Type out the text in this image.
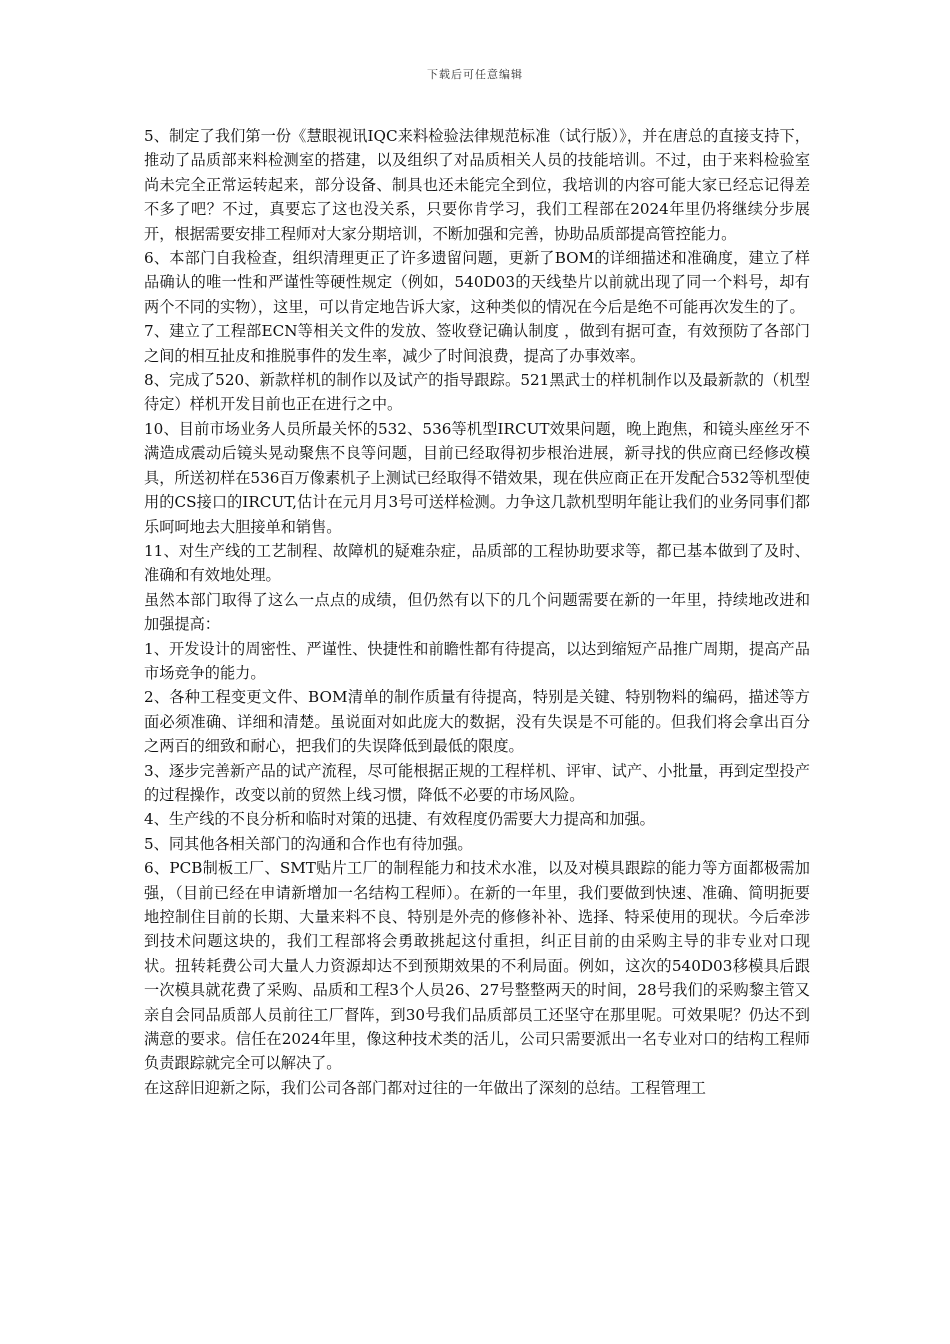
下载后可任意编辑

5、制定了我们第一份《慧眼视讯IQC来料检验法律规范标准（试行版）》，并在唐总的直接支持下，推动了品质部来料检测室的搭建，以及组织了对品质相关人员的技能培训。不过，由于来料检验室尚未完全正常运转起来，部分设备、制具也还未能完全到位，我培训的内容可能大家已经忘记得差不多了吧？不过，真要忘了这也没关系，只要你肯学习，我们工程部在2024年里仍将继续分步展开，根据需要安排工程师对大家分期培训，不断加强和完善，协助品质部提高管控能力。

6、本部门自我检查，组织清理更正了许多遗留问题，更新了BOM的详细描述和准确度，建立了样品确认的唯一性和严谨性等硬性规定（例如，540D03的天线垫片以前就出现了同一个料号，却有两个不同的实物），这里，可以肯定地告诉大家，这种类似的情况在今后是绝不可能再次发生的了。

7、建立了工程部ECN等相关文件的发放、签收登记确认制度 ，做到有据可查，有效预防了各部门之间的相互扯皮和推脱事件的发生率，减少了时间浪费，提高了办事效率。

8、完成了520、新款样机的制作以及试产的指导跟踪。521黑武士的样机制作以及最新款的（机型待定）样机开发目前也正在进行之中。

10、目前市场业务人员所最关怀的532、536等机型IRCUT效果问题，晚上跑焦，和镜头座丝牙不满造成震动后镜头晃动聚焦不良等问题，目前已经取得初步根治进展，新寻找的供应商已经修改模具，所送初样在536百万像素机子上测试已经取得不错效果，现在供应商正在开发配合532等机型使用的CS接口的IRCUT,估计在元月月3号可送样检测。力争这几款机型明年能让我们的业务同事们都乐呵呵地去大胆接单和销售。

11、对生产线的工艺制程、故障机的疑难杂症，品质部的工程协助要求等，都已基本做到了及时、准确和有效地处理。

虽然本部门取得了这么一点点的成绩，但仍然有以下的几个问题需要在新的一年里，持续地改进和加强提高：

1、开发设计的周密性、严谨性、快捷性和前瞻性都有待提高，以达到缩短产品推广周期，提高产品市场竞争的能力。

2、各种工程变更文件、BOM清单的制作质量有待提高，特别是关键、特别物料的编码，描述等方面必须准确、详细和清楚。虽说面对如此庞大的数据，没有失误是不可能的。但我们将会拿出百分之两百的细致和耐心，把我们的失误降低到最低的限度。

3、逐步完善新产品的试产流程，尽可能根据正规的工程样机、评审、试产、小批量，再到定型投产的过程操作，改变以前的贸然上线习惯，降低不必要的市场风险。

4、生产线的不良分析和临时对策的迅捷、有效程度仍需要大力提高和加强。

5、同其他各相关部门的沟通和合作也有待加强。

6、PCB制板工厂、SMT贴片工厂的制程能力和技术水准，以及对模具跟踪的能力等方面都极需加强，（目前已经在申请新增加一名结构工程师）。在新的一年里，我们要做到快速、准确、简明扼要地控制住目前的长期、大量来料不良、特别是外壳的修修补补、选择、特采使用的现状。今后牵涉到技术问题这块的，我们工程部将会勇敢挑起这付重担，纠正目前的由采购主导的非专业对口现状。扭转耗费公司大量人力资源却达不到预期效果的不利局面。例如，这次的540D03移模具后跟一次模具就花费了采购、品质和工程3个人员26、27号整整两天的时间，28号我们的采购黎主管又亲自会同品质部人员前往工厂督阵，到30号我们品质部员工还坚守在那里呢。可效果呢？仍达不到满意的要求。信任在2024年里，像这种技术类的活儿，公司只需要派出一名专业对口的结构工程师负责跟踪就完全可以解决了。

在这辞旧迎新之际，我们公司各部门都对过往的一年做出了深刻的总结。工程管理工
